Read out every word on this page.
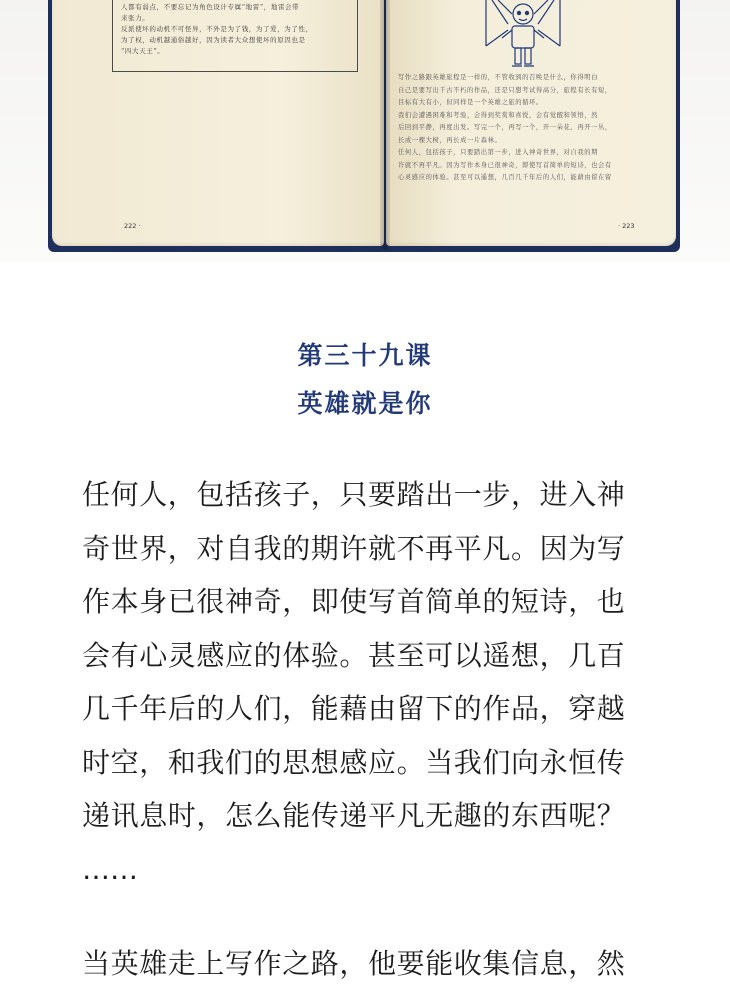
人都有弱点，不要忘记为角色设计专属“地雷”，地雷会带

来张力。

反派使坏的动机不可怪异，不外是为了钱，为了爱，为了性，

为了权，动机越通俗越好，因为读者大众想使坏的原因也是

“四大天王”。

写作之路跟英雄旅程是一样的，不管收到的召唤是什么，你得明白

自己是要写出千古不朽的作品，还是只想考试得高分，旅程有长有短，

目标有大有小，但同样是一个英雄之旅的循环。

我们会遭遇困难和考验，会得到奖赏和喜悦，会有觉醒和领悟，然

后回到平静，再度出发。写完一个，再写一个，开一朵花，再开一丛，

长成一棵大树，再长成一片森林。

任何人，包括孩子，只要踏出第一步，进入神奇世界，对自我的期

许就不再平凡。因为写作本身已很神奇，即使写首简单的短诗，也会有

心灵感应的体验。甚至可以遥想，几百几千年后的人们，能藉由留在留

222 ·	· 223
第三十九课
英雄就是你
任何人，包括孩子，只要踏出一步，进入神
奇世界，对自我的期许就不再平凡。因为写
作本身已很神奇，即使写首简单的短诗，也
会有心灵感应的体验。甚至可以遥想，几百
几千年后的人们，能藉由留下的作品，穿越
时空，和我们的思想感应。当我们向永恒传
递讯息时，怎么能传递平凡无趣的东西呢？
……
当英雄走上写作之路，他要能收集信息，然
